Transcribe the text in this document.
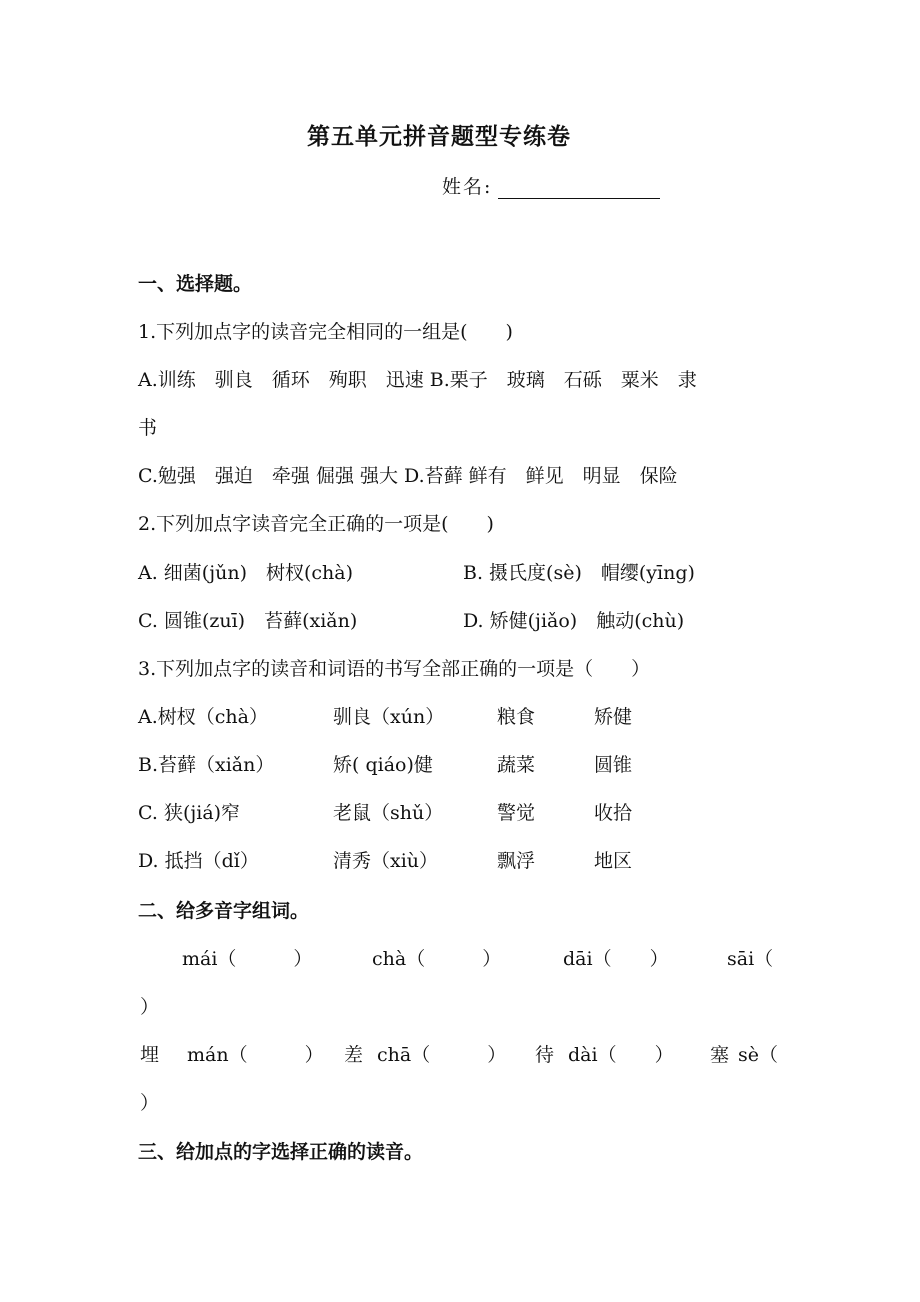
第五单元拼音题型专练卷
姓名:
一、选择题。
1.下列加点字的读音完全相同的一组是(　　)
A.训练　驯良　循环　殉职　迅速 B.栗子　玻璃　石砾　粟米　隶
书
C.勉强　强迫　牵强 倔强 强大 D.苔藓 鲜有　鲜见　明显　保险
2.下列加点字读音完全正确的一项是(　　)
A. 细菌(jǔn)　树杈(chà)	B. 摄氏度(sè)　帽缨(yīng)
C. 圆锥(zuī)　苔藓(xiǎn)	D. 矫健(jiǎo)　触动(chù)
3.下列加点字的读音和词语的书写全部正确的一项是（　　）
A.树杈（chà）	驯良（xún）	粮食	矫健
B.苔藓（xiǎn）	矫( qiáo)健	蔬菜	圆锥
C. 狭(jiá)窄	老鼠（shǔ）	警觉	收拾
D. 抵挡（dǐ）	清秀（xiù）	飘浮	地区
二、给多音字组词。
mái（　　　）	chà（　　　）	dāi（　　）	sāi（
）
埋 mán（　　　） 差 chā（　　　） 待 dài（　　） 塞 sè（
）
三、给加点的字选择正确的读音。
